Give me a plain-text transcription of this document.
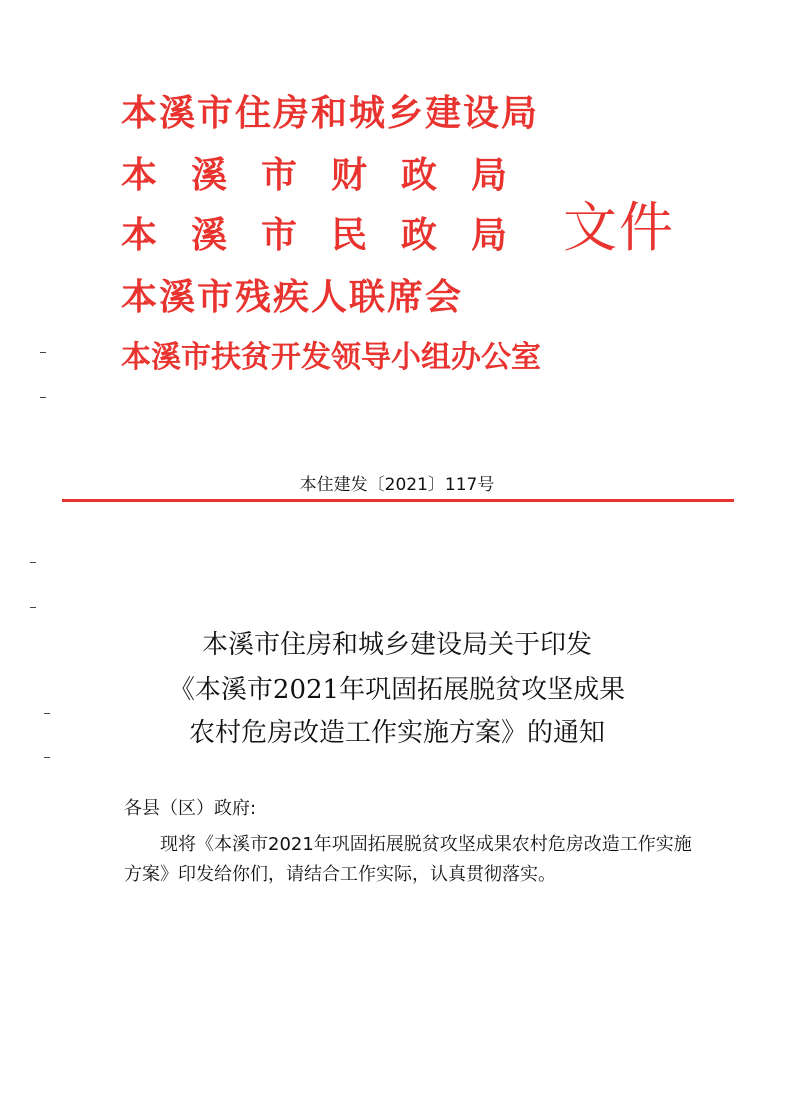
本溪市住房和城乡建设局
本溪市财政局
本溪市民政局
本溪市残疾人联席会
本溪市扶贫开发领导小组办公室
文件
本住建发〔2021〕117号
本溪市住房和城乡建设局关于印发
《本溪市2021年巩固拓展脱贫攻坚成果
农村危房改造工作实施方案》的通知
各县（区）政府:
现将《本溪市2021年巩固拓展脱贫攻坚成果农村危房改造工作实施方案》印发给你们，请结合工作实际，认真贯彻落实。
